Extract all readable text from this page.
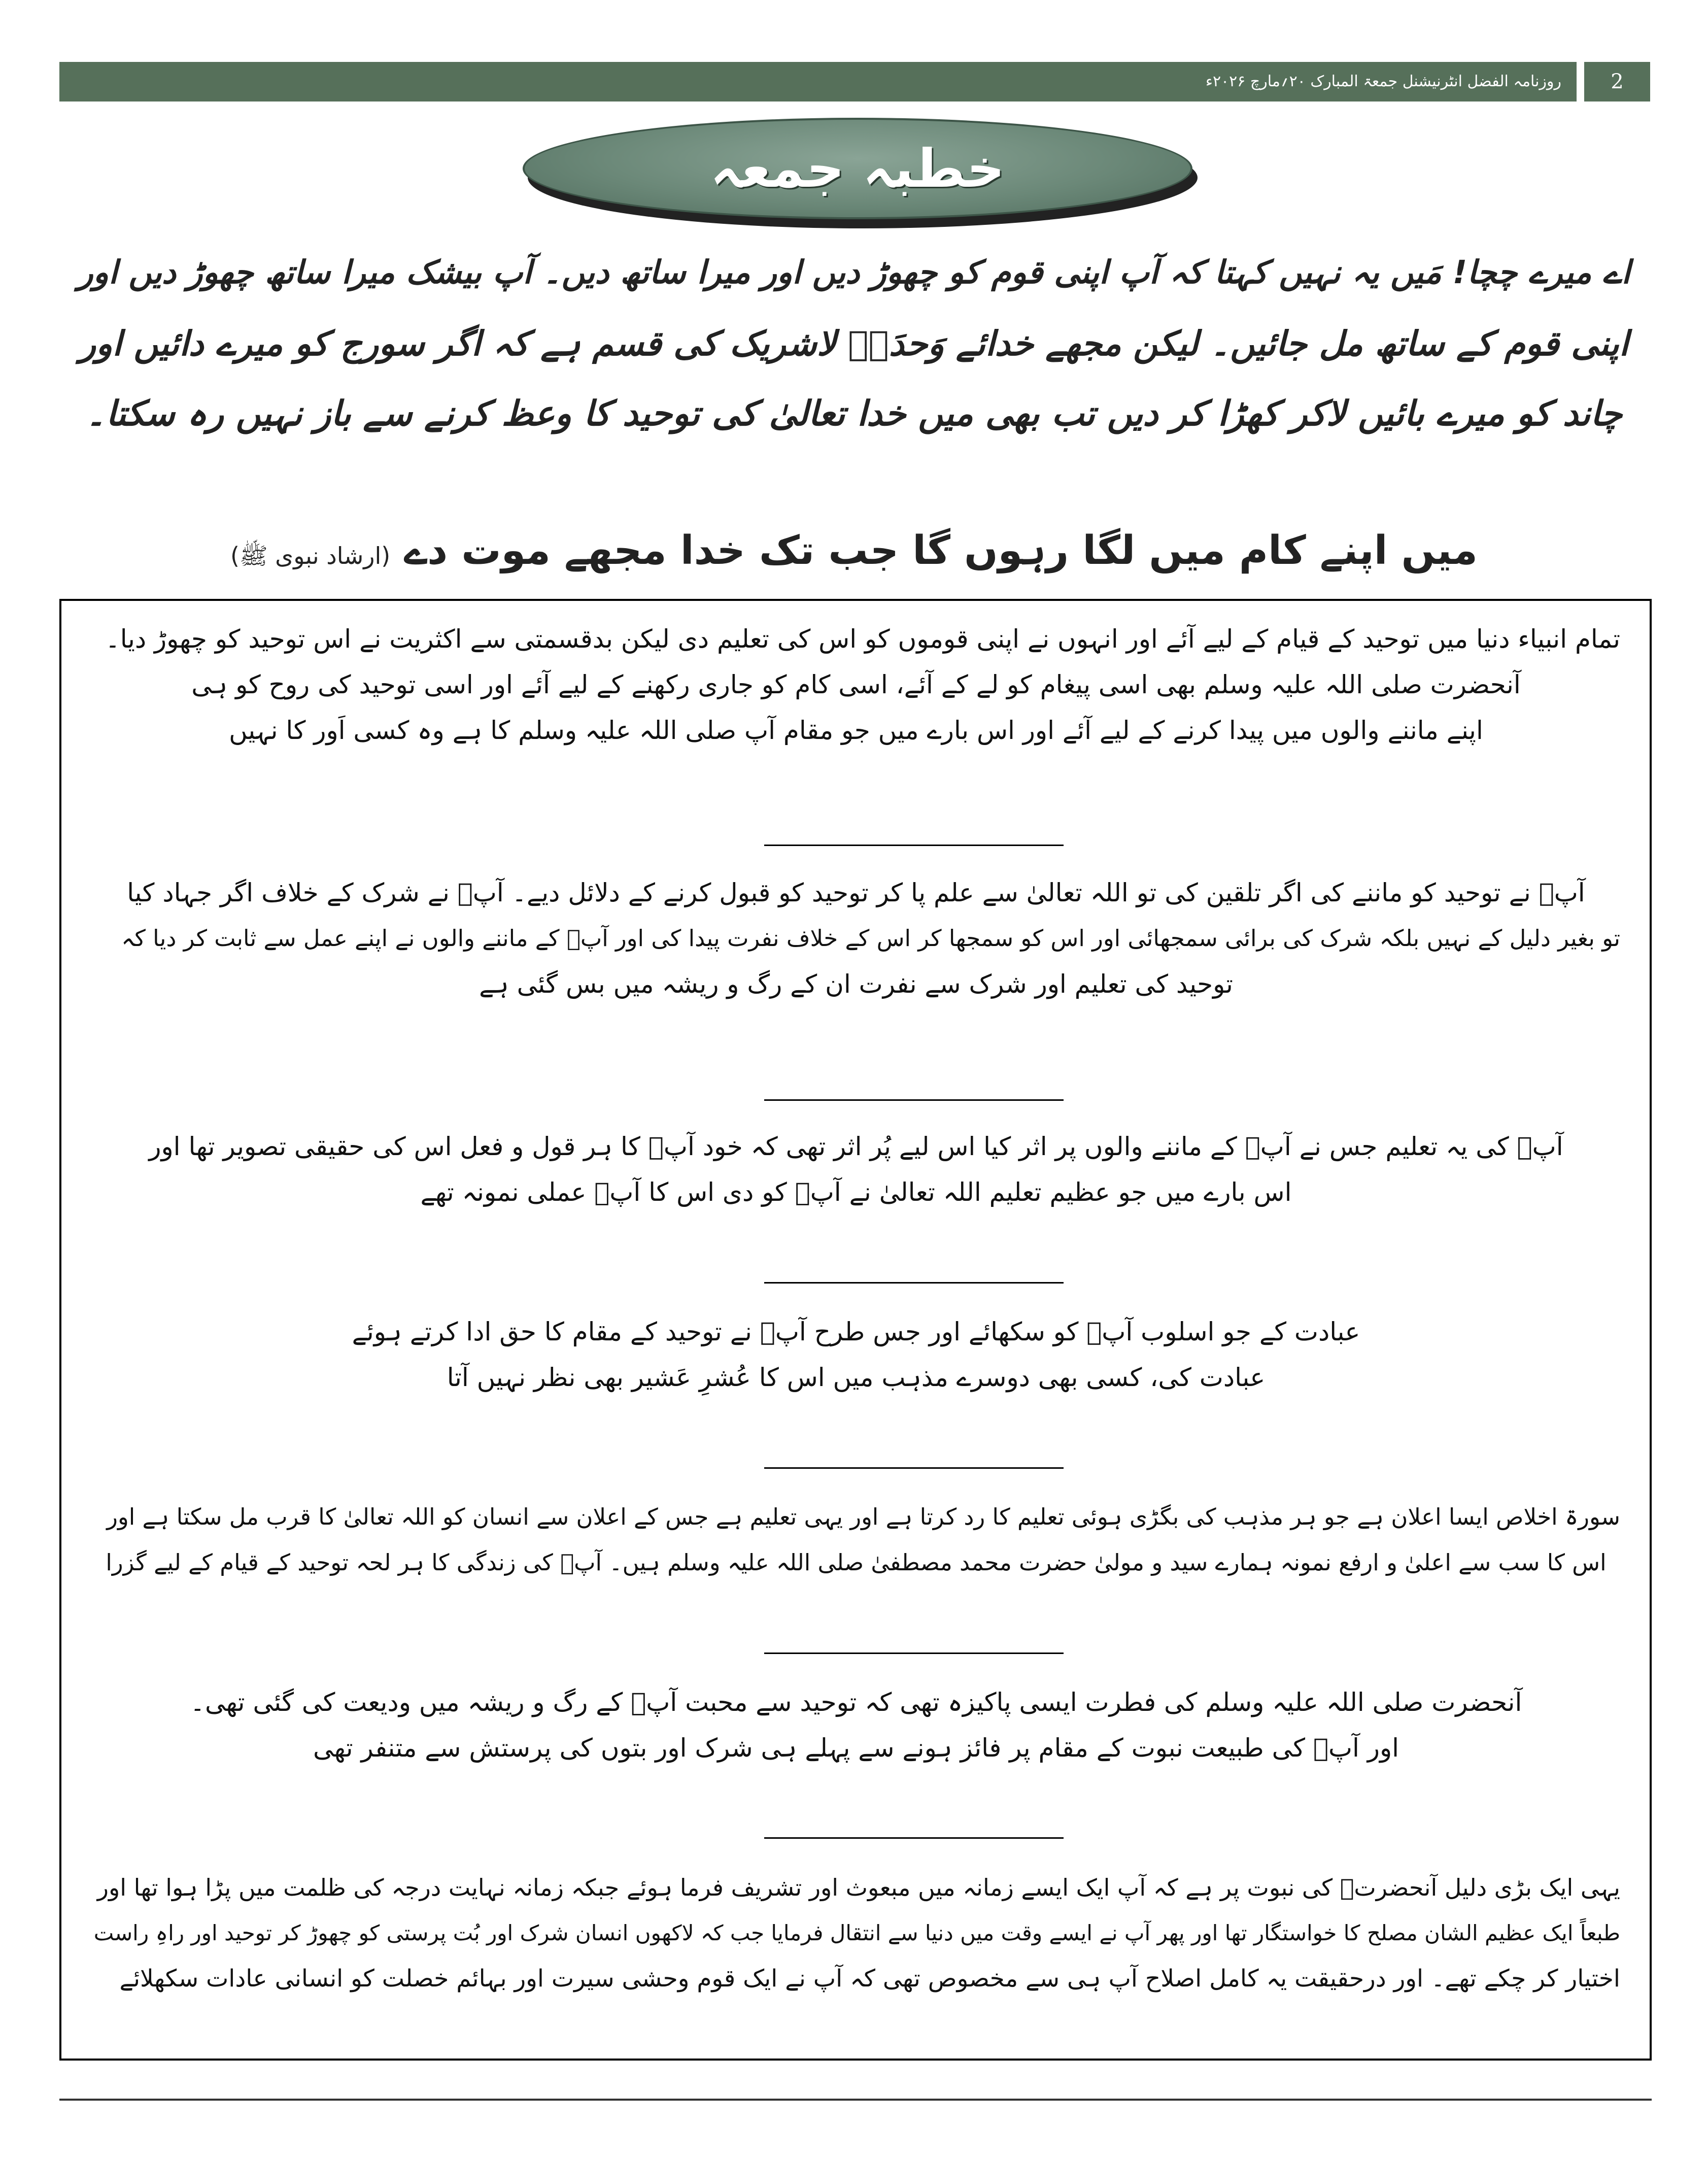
روزنامہ الفضل انٹرنیشنل جمعۃ المبارک ۲۰؍مارچ ۲۰۲۶ء	2
خطبہ جمعہ
اے میرے چچا! مَیں یہ نہیں کہتا کہ آپ اپنی قوم کو چھوڑ دیں اور میرا ساتھ دیں۔ آپ بیشک میرا ساتھ چھوڑ دیں اور
اپنی قوم کے ساتھ مل جائیں۔ لیکن مجھے خدائے وَحدَہٗ لاشریک کی قسم ہے کہ اگر سورج کو میرے دائیں اور
چاند کو میرے بائیں لاکر کھڑا کر دیں تب بھی میں خدا تعالیٰ کی توحید کا وعظ کرنے سے باز نہیں رہ سکتا۔
میں اپنے کام میں لگا رہوں گا جب تک خدا مجھے موت دے (ارشاد نبوی ﷺ)
تمام انبیاء دنیا میں توحید کے قیام کے لیے آئے اور انہوں نے اپنی قوموں کو اس کی تعلیم دی لیکن بدقسمتی سے اکثریت نے اس توحید کو چھوڑ دیا۔
آنحضرت صلی اللہ علیہ وسلم بھی اسی پیغام کو لے کے آئے، اسی کام کو جاری رکھنے کے لیے آئے اور اسی توحید کی روح کو ہی
اپنے ماننے والوں میں پیدا کرنے کے لیے آئے اور اس بارے میں جو مقام آپ صلی اللہ علیہ وسلم کا ہے وہ کسی اَور کا نہیں
آپؐ نے توحید کو ماننے کی اگر تلقین کی تو اللہ تعالیٰ سے علم پا کر توحید کو قبول کرنے کے دلائل دیے۔ آپؐ نے شرک کے خلاف اگر جہاد کیا
تو بغیر دلیل کے نہیں بلکہ شرک کی برائی سمجھائی اور اس کو سمجھا کر اس کے خلاف نفرت پیدا کی اور آپؐ کے ماننے والوں نے اپنے عمل سے ثابت کر دیا کہ
توحید کی تعلیم اور شرک سے نفرت ان کے رگ و ریشہ میں بس گئی ہے
آپؐ کی یہ تعلیم جس نے آپؐ کے ماننے والوں پر اثر کیا اس لیے پُر اثر تھی کہ خود آپؐ کا ہر قول و فعل اس کی حقیقی تصویر تھا اور
اس بارے میں جو عظیم تعلیم اللہ تعالیٰ نے آپؐ کو دی اس کا آپؐ عملی نمونہ تھے
عبادت کے جو اسلوب آپؐ کو سکھائے اور جس طرح آپؐ نے توحید کے مقام کا حق ادا کرتے ہوئے
عبادت کی، کسی بھی دوسرے مذہب میں اس کا عُشرِ عَشیر بھی نظر نہیں آتا
سورۃ اخلاص ایسا اعلان ہے جو ہر مذہب کی بگڑی ہوئی تعلیم کا رد کرتا ہے اور یہی تعلیم ہے جس کے اعلان سے انسان کو اللہ تعالیٰ کا قرب مل سکتا ہے اور
اس کا سب سے اعلیٰ و ارفع نمونہ ہمارے سید و مولیٰ حضرت محمد مصطفیٰ صلی اللہ علیہ وسلم ہیں۔ آپؐ کی زندگی کا ہر لحہ توحید کے قیام کے لیے گزرا
آنحضرت صلی اللہ علیہ وسلم کی فطرت ایسی پاکیزہ تھی کہ توحید سے محبت آپؐ کے رگ و ریشہ میں ودیعت کی گئی تھی۔
اور آپؐ کی طبیعت نبوت کے مقام پر فائز ہونے سے پہلے ہی شرک اور بتوں کی پرستش سے متنفر تھی
یہی ایک بڑی دلیل آنحضرتؐ کی نبوت پر ہے کہ آپ ایک ایسے زمانہ میں مبعوث اور تشریف فرما ہوئے جبکہ زمانہ نہایت درجہ کی ظلمت میں پڑا ہوا تھا اور
طبعاً ایک عظیم الشان مصلح کا خواستگار تھا اور پھر آپ نے ایسے وقت میں دنیا سے انتقال فرمایا جب کہ لاکھوں انسان شرک اور بُت پرستی کو چھوڑ کر توحید اور راہِ راست
اختیار کر چکے تھے۔ اور درحقیقت یہ کامل اصلاح آپ ہی سے مخصوص تھی کہ آپ نے ایک قوم وحشی سیرت اور بہائم خصلت کو انسانی عادات سکھلائے
